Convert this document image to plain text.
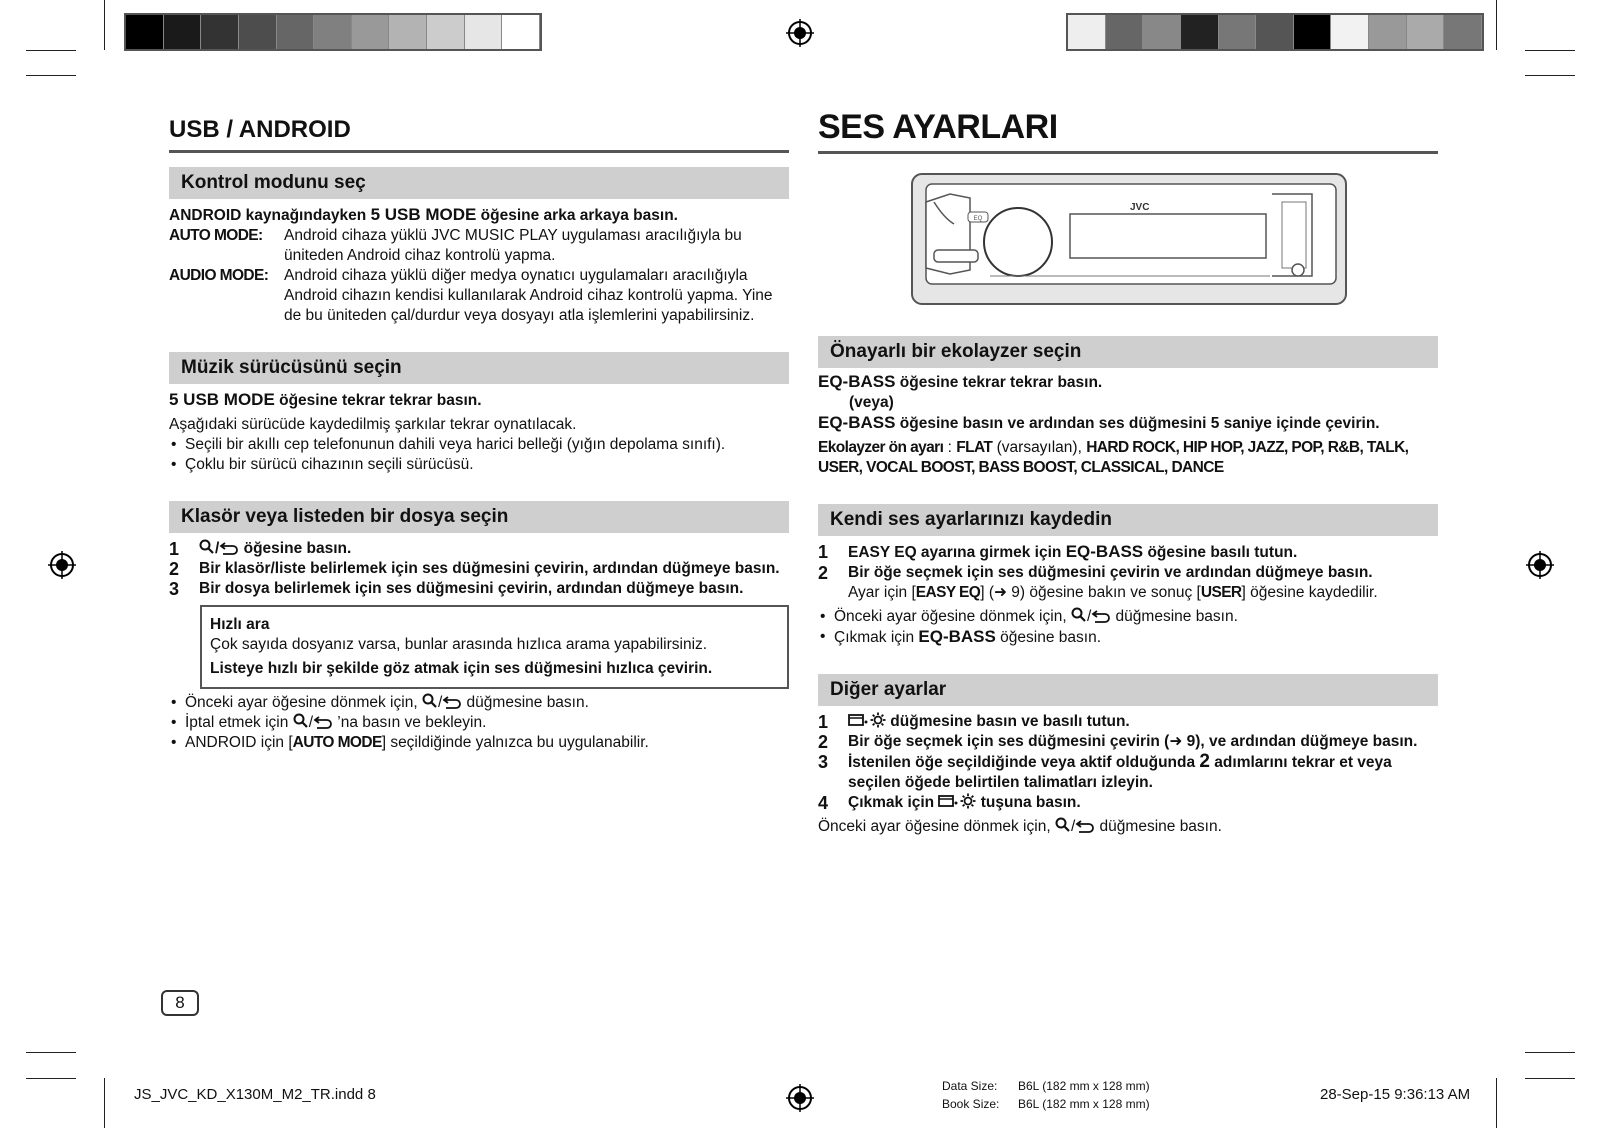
USB / ANDROID
Kontrol modunu seç
ANDROID kaynağındayken 5 USB MODE öğesine arka arkaya basın.
AUTO MODE:	Android cihaza yüklü JVC MUSIC PLAY uygulaması aracılığıyla bu üniteden Android cihaz kontrolü yapma.
AUDIO MODE:	Android cihaza yüklü diğer medya oynatıcı uygulamaları aracılığıyla Android cihazın kendisi kullanılarak Android cihaz kontrolü yapma. Yine de bu üniteden çal/durdur veya dosyayı atla işlemlerini yapabilirsiniz.
Müzik sürücüsünü seçin
5 USB MODE öğesine tekrar tekrar basın.
Aşağıdaki sürücüde kaydedilmiş şarkılar tekrar oynatılacak.
• Seçili bir akıllı cep telefonunun dahili veya harici belleği (yığın depolama sınıfı).
• Çoklu bir sürücü cihazının seçili sürücüsü.
Klasör veya listeden bir dosya seçin
1	/ öğesine basın.
2	Bir klasör/liste belirlemek için ses düğmesini çevirin, ardından düğmeye basın.
3	Bir dosya belirlemek için ses düğmesini çevirin, ardından düğmeye basın.
Hızlı ara
Çok sayıda dosyanız varsa, bunlar arasında hızlıca arama yapabilirsiniz.
Listeye hızlı bir şekilde göz atmak için ses düğmesini hızlıca çevirin.
• Önceki ayar öğesine dönmek için, / düğmesine basın.
• İptal etmek için / ’na basın ve bekleyin.
• ANDROID için [AUTO MODE] seçildiğinde yalnızca bu uygulanabilir.
SES AYARLARI
EQ
JVC
Önayarlı bir ekolayzer seçin
EQ-BASS öğesine tekrar tekrar basın.
(veya)
EQ-BASS öğesine basın ve ardından ses düğmesini 5 saniye içinde çevirin.
Ekolayzer ön ayarı : FLAT (varsayılan), HARD ROCK, HIP HOP, JAZZ, POP, R&B, TALK,
USER, VOCAL BOOST, BASS BOOST, CLASSICAL, DANCE
Kendi ses ayarlarınızı kaydedin
1	EASY EQ ayarına girmek için EQ-BASS öğesine basılı tutun.
2	Bir öğe seçmek için ses düğmesini çevirin ve ardından düğmeye basın.
Ayar için [EASY EQ] (➜ 9) öğesine bakın ve sonuç [USER] öğesine kaydedilir.
• Önceki ayar öğesine dönmek için, / düğmesine basın.
• Çıkmak için EQ-BASS öğesine basın.
Diğer ayarlar
1	düğmesine basın ve basılı tutun.
2	Bir öğe seçmek için ses düğmesini çevirin (➜ 9), ve ardından düğmeye basın.
3	İstenilen öğe seçildiğinde veya aktif olduğunda 2 adımlarını tekrar et veya seçilen öğede belirtilen talimatları izleyin.
4	Çıkmak için  tuşuna basın.
Önceki ayar öğesine dönmek için, / düğmesine basın.
8
JS_JVC_KD_X130M_M2_TR.indd 8	Data Size: B6L (182 mm x 128 mm)
Book Size: B6L (182 mm x 128 mm)
28-Sep-15 9:36:13 AM
